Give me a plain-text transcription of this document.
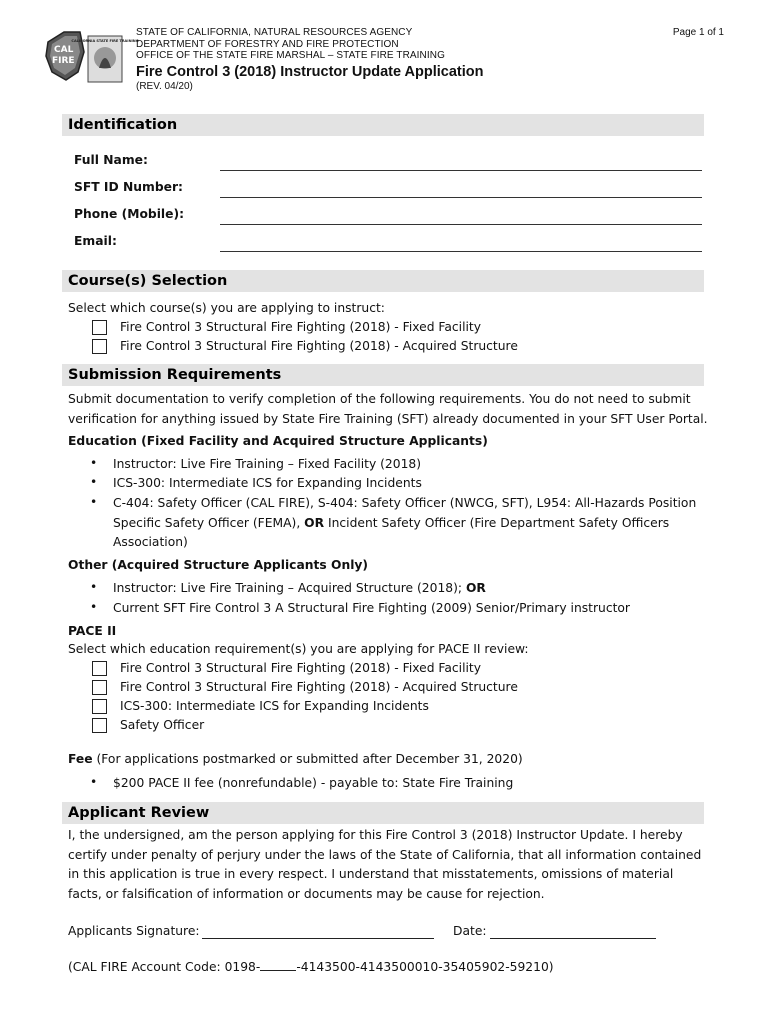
CAL
FIRE
CALIFORNIA STATE FIRE TRAINING
STATE OF CALIFORNIA, NATURAL RESOURCES AGENCY
DEPARTMENT OF FORESTRY AND FIRE PROTECTION
OFFICE OF THE STATE FIRE MARSHAL – STATE FIRE TRAINING
Page 1 of 1
Fire Control 3 (2018) Instructor Update Application
(REV. 04/20)
Identification
Full Name:
SFT ID Number:
Phone (Mobile):
Email:
Course(s) Selection
Select which course(s) you are applying to instruct:
Fire Control 3 Structural Fire Fighting (2018) - Fixed Facility
Fire Control 3 Structural Fire Fighting (2018) - Acquired Structure
Submission Requirements
Submit documentation to verify completion of the following requirements. You do not need to submit
verification for anything issued by State Fire Training (SFT) already documented in your SFT User Portal.
Education (Fixed Facility and Acquired Structure Applicants)
• Instructor: Live Fire Training – Fixed Facility (2018)
• ICS-300: Intermediate ICS for Expanding Incidents
• C-404: Safety Officer (CAL FIRE), S-404: Safety Officer (NWCG, SFT), L954: All-Hazards Position
Specific Safety Officer (FEMA), OR Incident Safety Officer (Fire Department Safety Officers
Association)
Other (Acquired Structure Applicants Only)
• Instructor: Live Fire Training – Acquired Structure (2018); OR
• Current SFT Fire Control 3 A Structural Fire Fighting (2009) Senior/Primary instructor
PACE II
Select which education requirement(s) you are applying for PACE II review:
Fire Control 3 Structural Fire Fighting (2018) - Fixed Facility
Fire Control 3 Structural Fire Fighting (2018) - Acquired Structure
ICS-300: Intermediate ICS for Expanding Incidents
Safety Officer
Fee (For applications postmarked or submitted after December 31, 2020)
• $200 PACE II fee (nonrefundable) - payable to: State Fire Training
Applicant Review
I, the undersigned, am the person applying for this Fire Control 3 (2018) Instructor Update. I hereby
certify under penalty of perjury under the laws of the State of California, that all information contained
in this application is true in every respect. I understand that misstatements, omissions of material
facts, or falsification of information or documents may be cause for rejection.
Applicants Signature:	Date:
(CAL FIRE Account Code: 0198-	-4143500-4143500010-35405902-59210)
